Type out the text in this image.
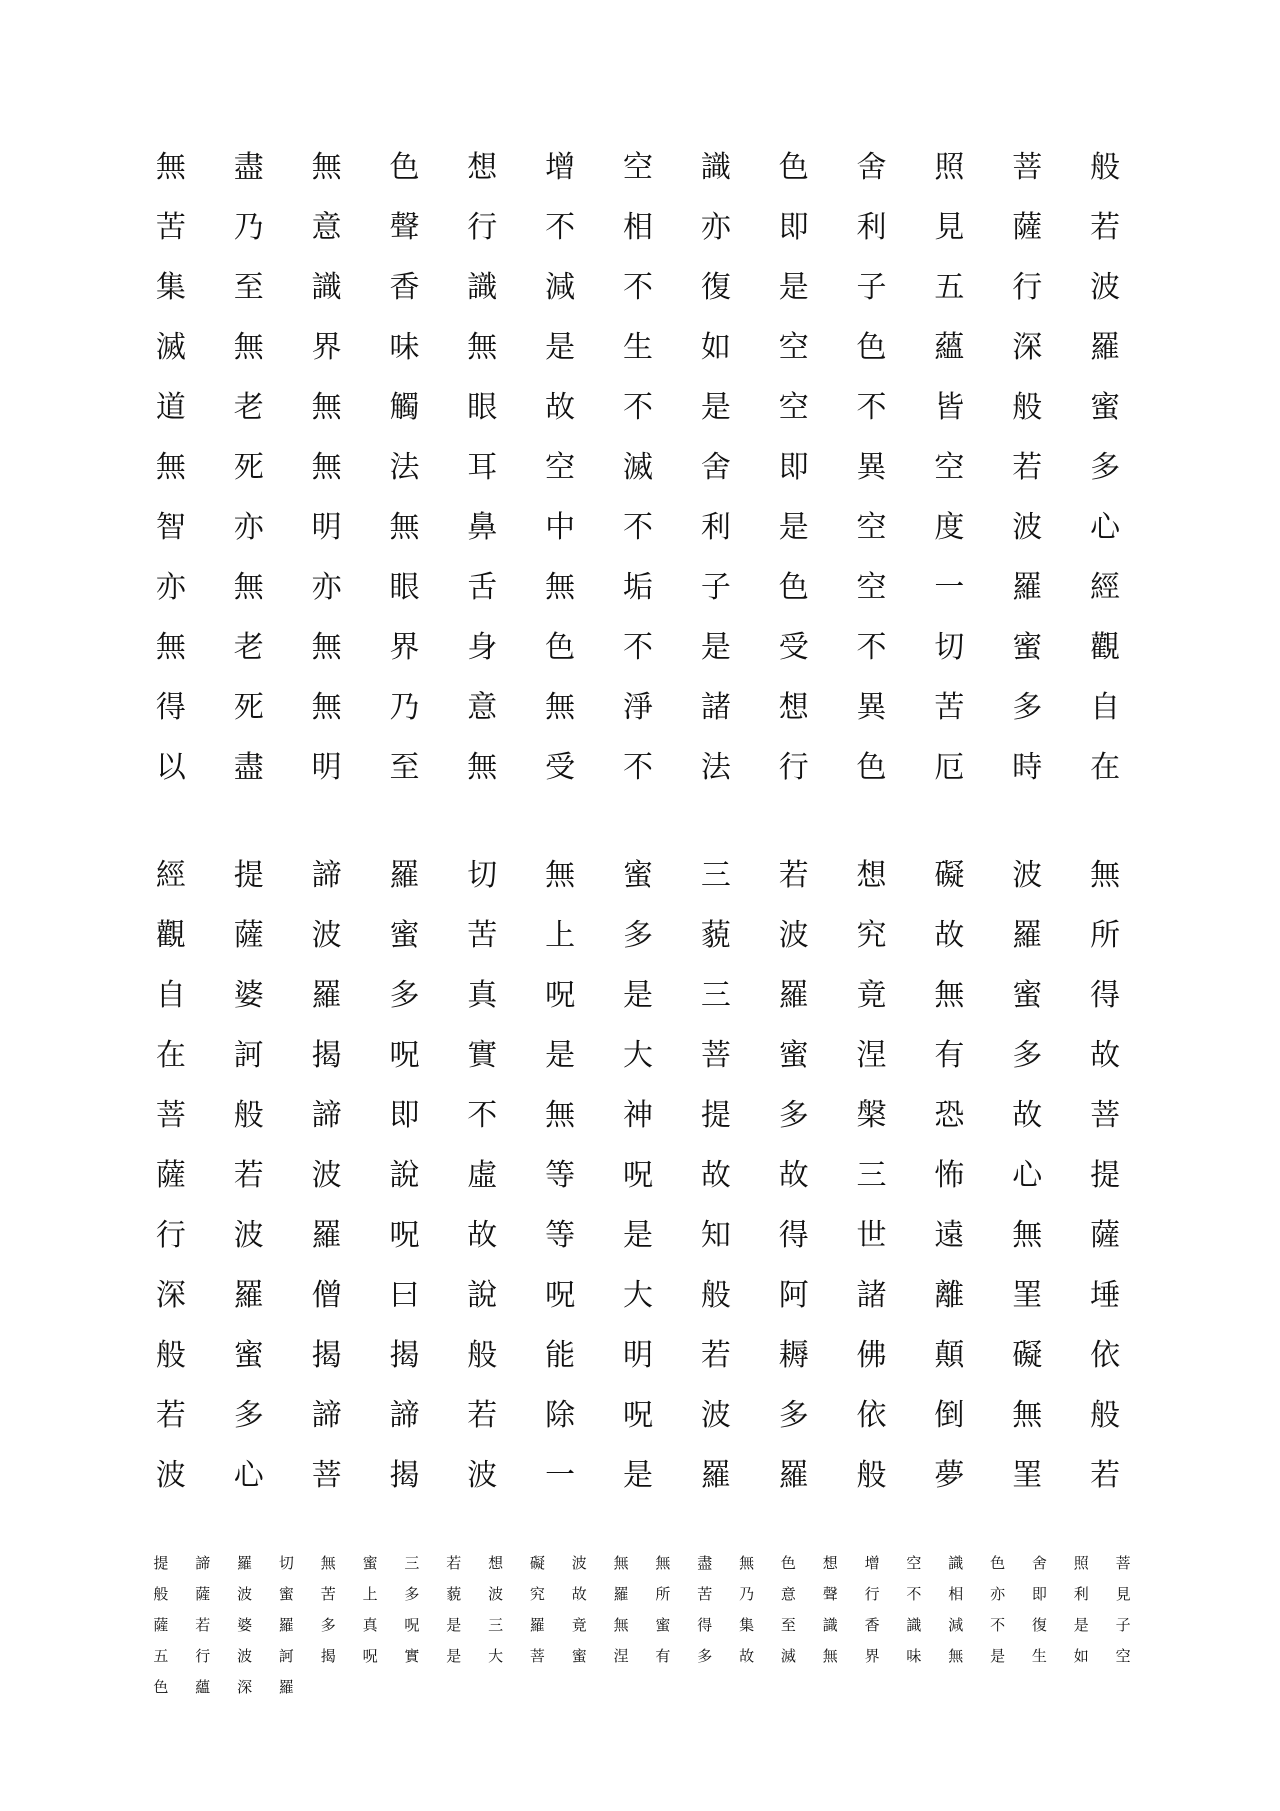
無	盡	無	色	想	增	空	識	色	舍	照	菩	般
苦	乃	意	聲	行	不	相	亦	即	利	見	薩	若
集	至	識	香	識	減	不	復	是	子	五	行	波
滅	無	界	味	無	是	生	如	空	色	蘊	深	羅
道	老	無	觸	眼	故	不	是	空	不	皆	般	蜜
無	死	無	法	耳	空	滅	舍	即	異	空	若	多
智	亦	明	無	鼻	中	不	利	是	空	度	波	心
亦	無	亦	眼	舌	無	垢	子	色	空	一	羅	經
無	老	無	界	身	色	不	是	受	不	切	蜜	觀
得	死	無	乃	意	無	淨	諸	想	異	苦	多	自
以	盡	明	至	無	受	不	法	行	色	厄	時	在
經	提	諦	羅	切	無	蜜	三	若	想	礙	波	無
觀	薩	波	蜜	苦	上	多	藐	波	究	故	羅	所
自	婆	羅	多	真	呪	是	三	羅	竟	無	蜜	得
在	訶	揭	呪	實	是	大	菩	蜜	涅	有	多	故
菩	般	諦	即	不	無	神	提	多	槃	恐	故	菩
薩	若	波	說	虛	等	呪	故	故	三	怖	心	提
行	波	羅	呪	故	等	是	知	得	世	遠	無	薩
深	羅	僧	曰	說	呪	大	般	阿	諸	離	罣	埵
般	蜜	揭	揭	般	能	明	若	耨	佛	顛	礙	依
若	多	諦	諦	若	除	呪	波	多	依	倒	無	般
波	心	菩	揭	波	一	是	羅	羅	般	夢	罣	若
提	諦	羅	切	無	蜜	三	若	想	礙	波	無	無	盡	無	色	想	增	空	識	色	舍	照	菩
般	薩	波	蜜	苦	上	多	藐	波	究	故	羅	所	苦	乃	意	聲	行	不	相	亦	即	利	見
薩	若	婆	羅	多	真	呪	是	三	羅	竟	無	蜜	得	集	至	識	香	識	減	不	復	是	子
五	行	波	訶	揭	呪	實	是	大	菩	蜜	涅	有	多	故	滅	無	界	味	無	是	生	如	空
色	蘊	深	羅
